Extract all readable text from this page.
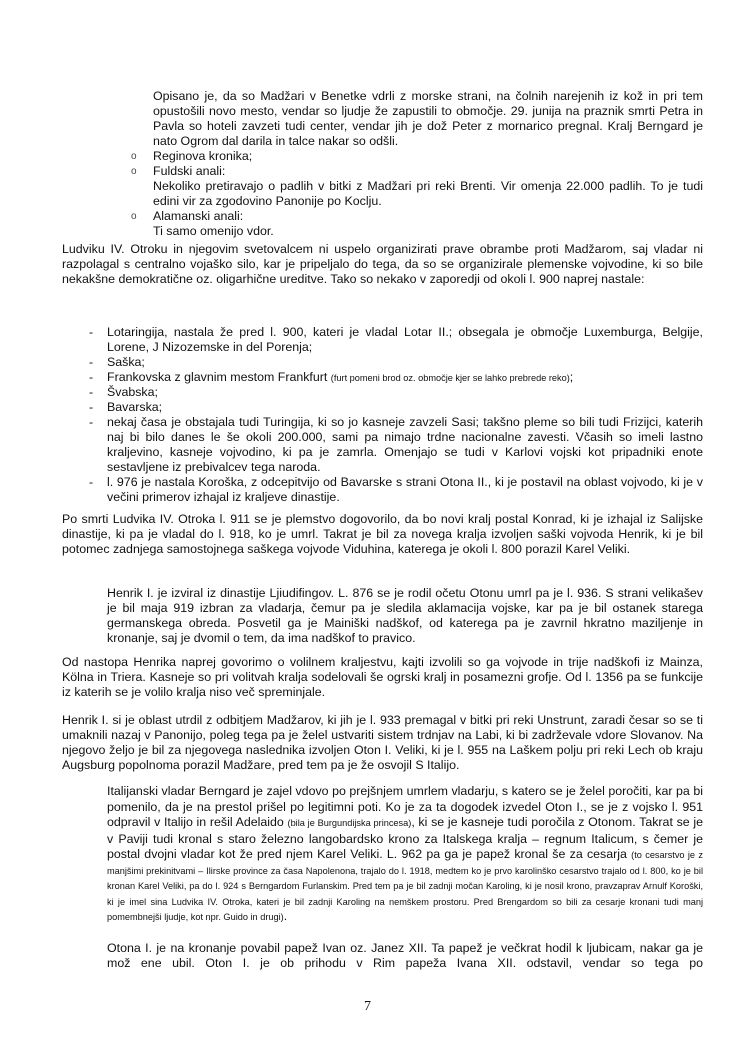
Opisano je, da so Madžari v Benetke vdrli z morske strani, na čolnih narejenih iz kož in pri tem opustošili novo mesto, vendar so ljudje že zapustili to območje. 29. junija na praznik smrti Petra in Pavla so hoteli zavzeti tudi center, vendar jih je dož Peter z mornarico pregnal. Kralj Berngard je nato Ogrom dal darila in talce nakar so odšli.
o Reginova kronika;
o Fuldski anali:
Nekoliko pretiravajo o padlih v bitki z Madžari pri reki Brenti. Vir omenja 22.000 padlih. To je tudi edini vir za zgodovino Panonije po Koclju.
o Alamanski anali:
Ti samo omenijo vdor.
Ludviku IV. Otroku in njegovim svetovalcem ni uspelo organizirati prave obrambe proti Madžarom, saj vladar ni razpolagal s centralno vojaško silo, kar je pripeljalo do tega, da so se organizirale plemenske vojvodine, ki so bile nekakšne demokratične oz. oligarhične ureditve. Tako so nekako v zaporedji od okoli l. 900 naprej nastale:
- Lotaringija, nastala že pred l. 900, kateri je vladal Lotar II.; obsegala je območje Luxemburga, Belgije, Lorene, J Nizozemske in del Porenja;
- Saška;
- Frankovska z glavnim mestom Frankfurt (furt pomeni brod oz. območje kjer se lahko prebrede reko);
- Švabska;
- Bavarska;
- nekaj časa je obstajala tudi Turingija, ki so jo kasneje zavzeli Sasi; takšno pleme so bili tudi Frizijci, katerih naj bi bilo danes le še okoli 200.000, sami pa nimajo trdne nacionalne zavesti. Včasih so imeli lastno kraljevino, kasneje vojvodino, ki pa je zamrla. Omenjajo se tudi v Karlovi vojski kot pripadniki enote sestavljene iz prebivalcev tega naroda.
- l. 976 je nastala Koroška, z odcepitvijo od Bavarske s strani Otona II., ki je postavil na oblast vojvodo, ki je v večini primerov izhajal iz kraljeve dinastije.
Po smrti Ludvika IV. Otroka l. 911 se je plemstvo dogovorilo, da bo novi kralj postal Konrad, ki je izhajal iz Salijske dinastije, ki pa je vladal do l. 918, ko je umrl. Takrat je bil za novega kralja izvoljen saški vojvoda Henrik, ki je bil potomec zadnjega samostojnega saškega vojvode Viduhina, katerega je okoli l. 800 porazil Karel Veliki.
Henrik I. je izviral iz dinastije Ljiudifingov. L. 876 se je rodil očetu Otonu umrl pa je l. 936. S strani velikašev je bil maja 919 izbran za vladarja, čemur pa je sledila aklamacija vojske, kar pa je bil ostanek starega germanskega obreda. Posvetil ga je Mainiški nadškof, od katerega pa je zavrnil hkratno maziljenje in kronanje, saj je dvomil o tem, da ima nadškof to pravico.
Od nastopa Henrika naprej govorimo o volilnem kraljestvu, kajti izvolili so ga vojvode in trije nadškofi iz Mainza, Kölna in Triera. Kasneje so pri volitvah kralja sodelovali še ogrski kralj in posamezni grofje. Od l. 1356 pa se funkcije iz katerih se je volilo kralja niso več spreminjale.
Henrik I. si je oblast utrdil z odbitjem Madžarov, ki jih je l. 933 premagal v bitki pri reki Unstrunt, zaradi česar so se ti umaknili nazaj v Panonijo, poleg tega pa je želel ustvariti sistem trdnjav na Labi, ki bi zadrževale vdore Slovanov. Na njegovo željo je bil za njegovega naslednika izvoljen Oton I. Veliki, ki je l. 955 na Laškem polju pri reki Lech ob kraju Augsburg popolnoma porazil Madžare, pred tem pa je že osvojil S Italijo.
Italijanski vladar Berngard je zajel vdovo po prejšnjem umrlem vladarju, s katero se je želel poročiti, kar pa bi pomenilo, da je na prestol prišel po legitimni poti. Ko je za ta dogodek izvedel Oton I., se je z vojsko l. 951 odpravil v Italijo in rešil Adelaido (bila je Burgundijska princesa), ki se je kasneje tudi poročila z Otonom. Takrat se je v Paviji tudi kronal s staro železno langobardsko krono za Italskega kralja – regnum Italicum, s čemer je postal dvojni vladar kot že pred njem Karel Veliki. L. 962 pa ga je papež kronal še za cesarja (to cesarstvo je z manjšimi prekinitvami – Ilirske province za časa Napolenona, trajalo do l. 1918, medtem ko je prvo karolinško cesarstvo trajalo od l. 800, ko je bil kronan Karel Veliki, pa do l. 924 s Berngardom Furlanskim. Pred tem pa je bil zadnji močan Karoling, ki je nosil krono, pravzaprav Arnulf Koroški, ki je imel sina Ludvika IV. Otroka, kateri je bil zadnji Karoling na nemškem prostoru. Pred Brengardom so bili za cesarje kronani tudi manj pomembnejši ljudje, kot npr. Guido in drugi).
Otona I. je na kronanje povabil papež Ivan oz. Janez XII. Ta papež je večkrat hodil k ljubicam, nakar ga je mož ene ubil. Oton I. je ob prihodu v Rim papeža Ivana XII. odstavil, vendar so tega po
7
